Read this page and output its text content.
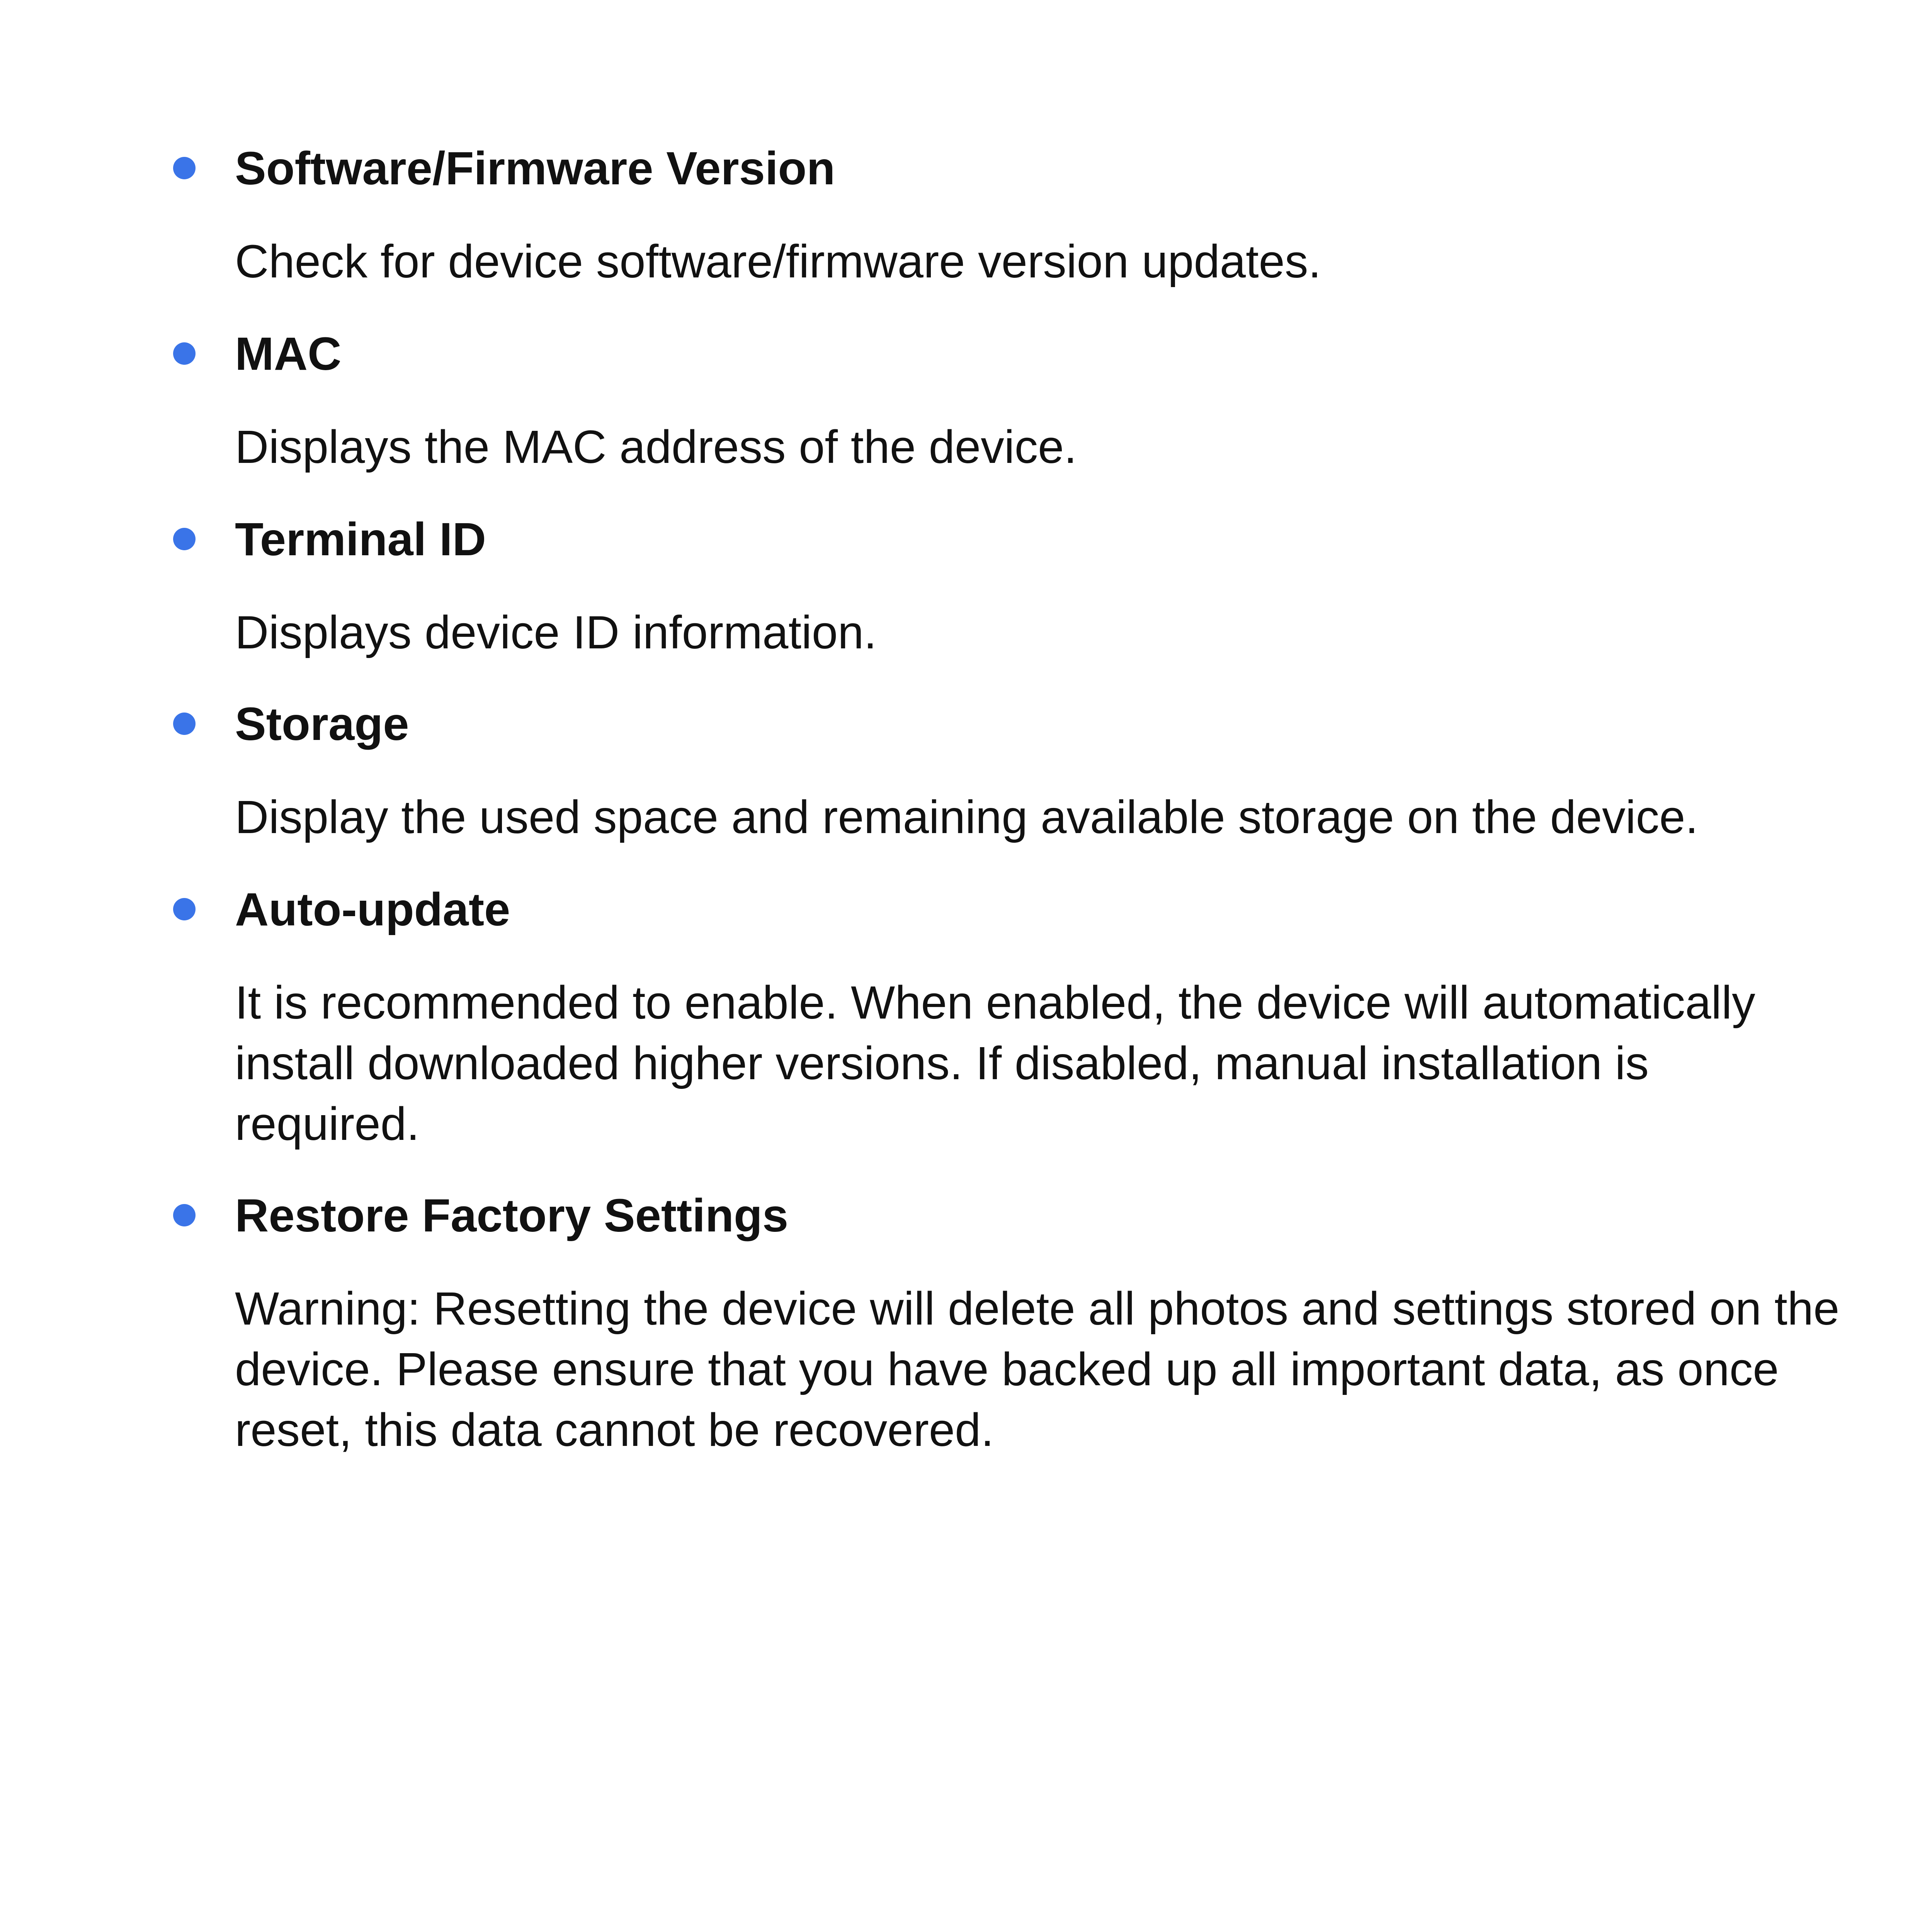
Software/Firmware Version

Check for device software/firmware version updates.

MAC

Displays the MAC address of the device.

Terminal ID

Displays device ID information.

Storage

Display the used space and remaining available storage on the device.

Auto-update

It is recommended to enable. When enabled, the device will automatically install downloaded higher versions. If disabled, manual installation is required.

Restore Factory Settings

Warning: Resetting the device will delete all photos and settings stored on the device. Please ensure that you have backed up all important data, as once reset, this data cannot be recovered.
